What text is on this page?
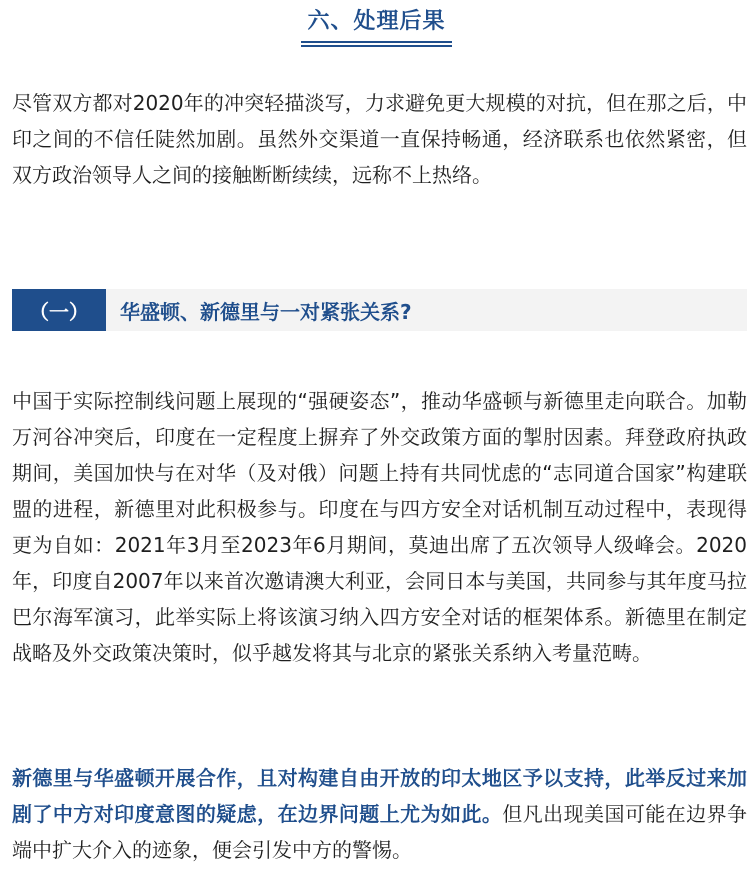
六、处理后果

尽管双方都对2020年的冲突轻描淡写，力求避免更大规模的对抗，但在那之后，中印之间的不信任陡然加剧。虽然外交渠道一直保持畅通，经济联系也依然紧密，但双方政治领导人之间的接触断断续续，远称不上热络。

（一）	华盛顿、新德里与一对紧张关系?

中国于实际控制线问题上展现的“强硬姿态”，推动华盛顿与新德里走向联合。加勒万河谷冲突后，印度在一定程度上摒弃了外交政策方面的掣肘因素。拜登政府执政期间，美国加快与在对华（及对俄）问题上持有共同忧虑的“志同道合国家”构建联盟的进程，新德里对此积极参与。印度在与四方安全对话机制互动过程中，表现得更为自如：2021年3月至2023年6月期间，莫迪出席了五次领导人级峰会。2020年，印度自2007年以来首次邀请澳大利亚，会同日本与美国，共同参与其年度马拉巴尔海军演习，此举实际上将该演习纳入四方安全对话的框架体系。新德里在制定战略及外交政策决策时，似乎越发将其与北京的紧张关系纳入考量范畴。

新德里与华盛顿开展合作，且对构建自由开放的印太地区予以支持，此举反过来加剧了中方对印度意图的疑虑，在边界问题上尤为如此。但凡出现美国可能在边界争端中扩大介入的迹象，便会引发中方的警惕。
